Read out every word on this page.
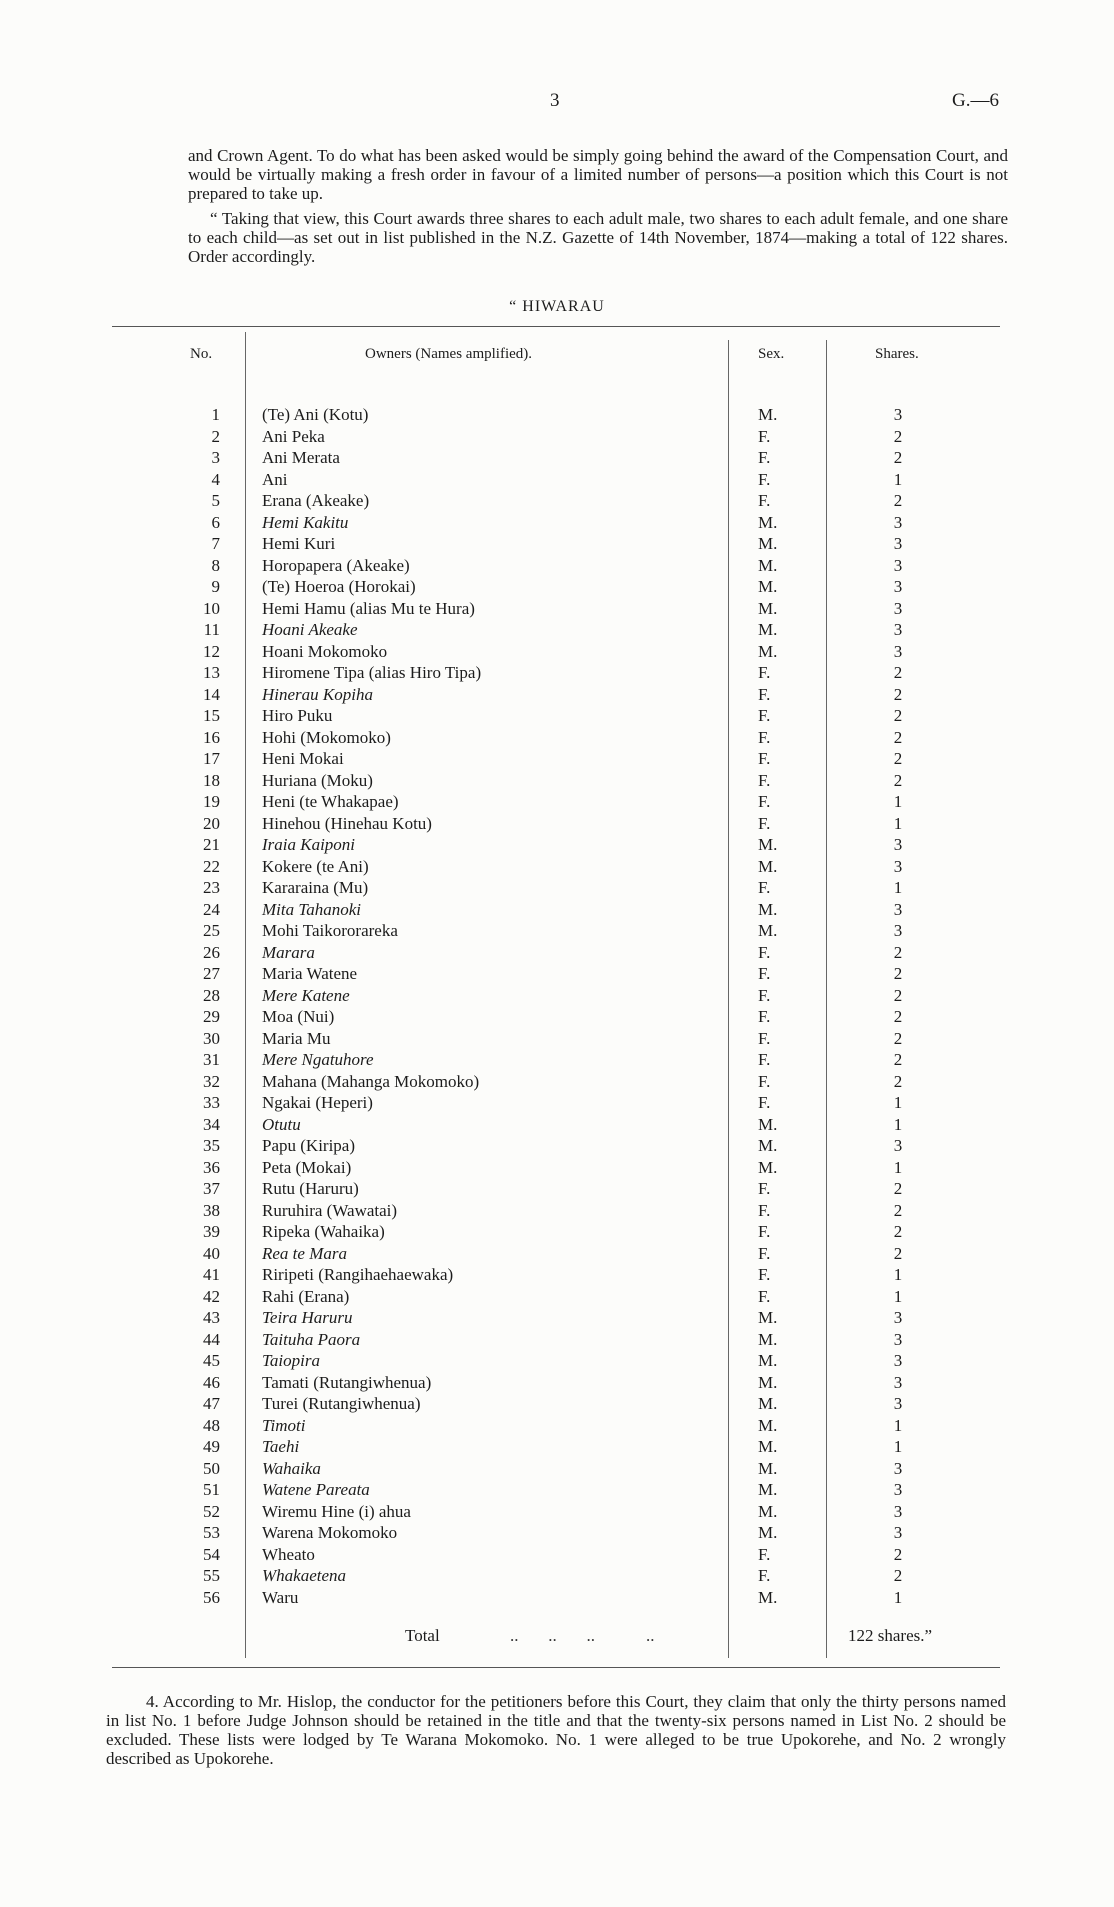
3	G.—6

and Crown Agent. To do what has been asked would be simply going behind the award of the Compensation Court, and would be virtually making a fresh order in favour of a limited number of persons—a position which this Court is not prepared to take up.

“ Taking that view, this Court awards three shares to each adult male, two shares to each adult female, and one share to each child—as set out in list published in the N.Z. Gazette of 14th November, 1874—making a total of 122 shares. Order accordingly.

“ HIWARAU
No.	Owners (Names amplified).	Sex.	Shares.
1 (Te) Ani (Kotu)	M.	3
2 Ani Peka	F.	2
3 Ani Merata	F.	2
4 Ani	F.	1
5 Erana (Akeake)	F.	2
6 Hemi Kakitu	M.	3
7 Hemi Kuri	M.	3
8 Horopapera (Akeake)	M.	3
9 (Te) Hoeroa (Horokai)	M.	3
10 Hemi Hamu (alias Mu te Hura)	M.	3
11 Hoani Akeake	M.	3
12 Hoani Mokomoko	M.	3
13 Hiromene Tipa (alias Hiro Tipa)	F.	2
14 Hinerau Kopiha	F.	2
15 Hiro Puku	F.	2
16 Hohi (Mokomoko)	F.	2
17 Heni Mokai	F.	2
18 Huriana (Moku)	F.	2
19 Heni (te Whakapae)	F.	1
20 Hinehou (Hinehau Kotu)	F.	1
21 Iraia Kaiponi	M.	3
22 Kokere (te Ani)	M.	3
23 Kararaina (Mu)	F.	1
24 Mita Tahanoki	M.	3
25 Mohi Taikororareka	M.	3
26 Marara	F.	2
27 Maria Watene	F.	2
28 Mere Katene	F.	2
29 Moa (Nui)	F.	2
30 Maria Mu	F.	2
31 Mere Ngatuhore	F.	2
32 Mahana (Mahanga Mokomoko)	F.	2
33 Ngakai (Heperi)	F.	1
34 Otutu	M.	1
35 Papu (Kiripa)	M.	3
36 Peta (Mokai)	M.	1
37 Rutu (Haruru)	F.	2
38 Ruruhira (Wawatai)	F.	2
39 Ripeka (Wahaika)	F.	2
40 Rea te Mara	F.	2
41 Riripeti (Rangihaehaewaka)	F.	1
42 Rahi (Erana)	F.	1
43 Teira Haruru	M.	3
44 Taituha Paora	M.	3
45 Taiopira	M.	3
46 Tamati (Rutangiwhenua)	M.	3
47 Turei (Rutangiwhenua)	M.	3
48 Timoti	M.	1
49 Taehi	M.	1
50 Wahaika	M.	3
51 Watene Pareata	M.	3
52 Wiremu Hine (i) ahua	M.	3
53 Warena Mokomoko	M.	3
54 Wheato	F.	2
55 Whakaetena	F.	2
56 Waru	M.	1
Total	..       ..       ..            ..	122 shares.”

4. According to Mr. Hislop, the conductor for the petitioners before this Court, they claim that only the thirty persons named in list No. 1 before Judge Johnson should be retained in the title and that the twenty-six persons named in List No. 2 should be excluded. These lists were lodged by Te Warana Mokomoko. No. 1 were alleged to be true Upokorehe, and No. 2 wrongly described as Upokorehe.
